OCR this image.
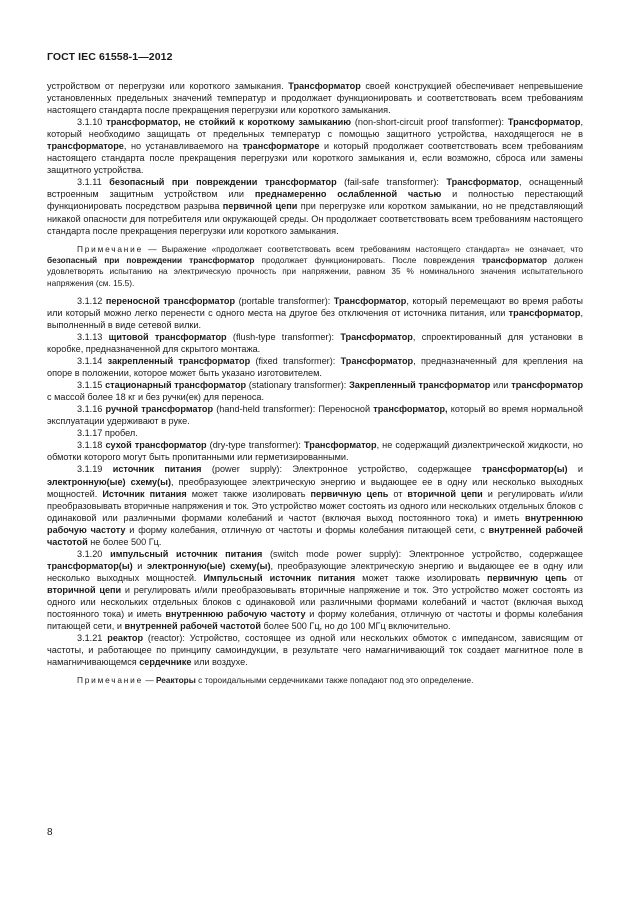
ГОСТ IEC 61558-1—2012

устройством от перегрузки или короткого замыкания. Трансформатор своей конструкцией обеспечивает непревышение установленных предельных значений температур и продолжает функционировать и соответствовать всем требованиям настоящего стандарта после прекращения перегрузки или короткого замыкания.

3.1.10 трансформатор, не стойкий к короткому замыканию (non-short-circuit proof transformer): Трансформатор, который необходимо защищать от предельных температур с помощью защитного устройства, находящегося не в трансформаторе, но устанавливаемого на трансформаторе и который продолжает соответствовать всем требованиям настоящего стандарта после прекращения перегрузки или короткого замыкания и, если возможно, сброса или замены защитного устройства.

3.1.11 безопасный при повреждении трансформатор (fail-safe transformer): Трансформатор, оснащенный встроенным защитным устройством или преднамеренно ослабленной частью и полностью перестающий функционировать посредством разрыва первичной цепи при перегрузке или коротком замыкании, но не представляющий никакой опасности для потребителя или окружающей среды. Он продолжает соответствовать всем требованиям настоящего стандарта после прекращения перегрузки или короткого замыкания.

Примечание — Выражение «продолжает соответствовать всем требованиям настоящего стандарта» не означает, что безопасный при повреждении трансформатор продолжает функционировать. После повреждения трансформатор должен удовлетворять испытанию на электрическую прочность при напряжении, равном 35 % номинального значения испытательного напряжения (см. 15.5).

3.1.12 переносной трансформатор (portable transformer): Трансформатор, который перемещают во время работы или который можно легко перенести с одного места на другое без отключения от источника питания, или трансформатор, выполненный в виде сетевой вилки.

3.1.13 щитовой трансформатор (flush-type transformer): Трансформатор, спроектированный для установки в коробке, предназначенной для скрытого монтажа.

3.1.14 закрепленный трансформатор (fixed transformer): Трансформатор, предназначенный для крепления на опоре в положении, которое может быть указано изготовителем.

3.1.15 стационарный трансформатор (stationary transformer): Закрепленный трансформатор или трансформатор с массой более 18 кг и без ручки(ек) для переноса.

3.1.16 ручной трансформатор (hand-held transformer): Переносной трансформатор, который во время нормальной эксплуатации удерживают в руке.

3.1.17 пробел.

3.1.18 сухой трансформатор (dry-type transformer): Трансформатор, не содержащий диэлектрической жидкости, но обмотки которого могут быть пропитанными или герметизированными.

3.1.19 источник питания (power supply): Электронное устройство, содержащее трансформатор(ы) и электронную(ые) схему(ы), преобразующее электрическую энергию и выдающее ее в одну или несколько выходных мощностей. Источник питания может также изолировать первичную цепь от вторичной цепи и регулировать и/или преобразовывать вторичные напряжения и ток. Это устройство может состоять из одного или нескольких отдельных блоков с одинаковой или различными формами колебаний и частот (включая выход постоянного тока) и иметь внутреннюю рабочую частоту и форму колебания, отличную от частоты и формы колебания питающей сети, с внутренней рабочей частотой не более 500 Гц.

3.1.20 импульсный источник питания (switch mode power supply): Электронное устройство, содержащее трансформатор(ы) и электронную(ые) схему(ы), преобразующие электрическую энергию и выдающее ее в одну или несколько выходных мощностей. Импульсный источник питания может также изолировать первичную цепь от вторичной цепи и регулировать и/или преобразовывать вторичные напряжение и ток. Это устройство может состоять из одного или нескольких отдельных блоков с одинаковой или различными формами колебаний и частот (включая выход постоянного тока) и иметь внутреннюю рабочую частоту и форму колебания, отличную от частоты и формы колебания питающей сети, и внутренней рабочей частотой более 500 Гц, но до 100 МГц включительно.

3.1.21 реактор (reactor): Устройство, состоящее из одной или нескольких обмоток с импедансом, зависящим от частоты, и работающее по принципу самоиндукции, в результате чего намагничивающий ток создает магнитное поле в намагничивающемся сердечнике или воздухе.

Примечание — Реакторы с тороидальными сердечниками также попадают под это определение.

8
